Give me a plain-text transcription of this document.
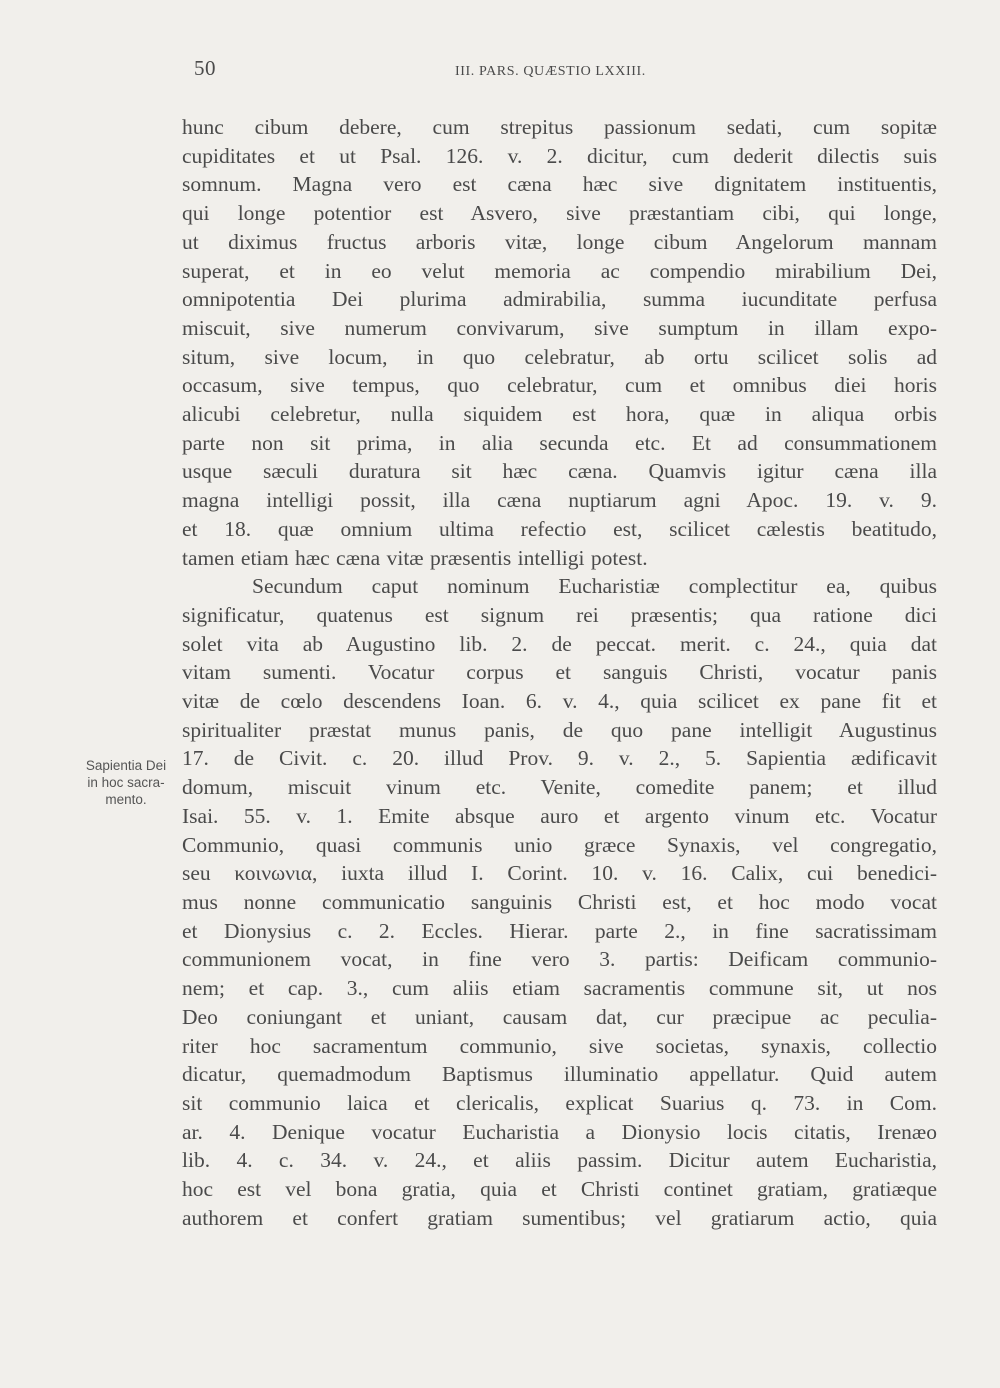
50	III. PARS. QUÆSTIO LXXIII.
Sapientia Dei
in hoc sacra-
mento.
hunc cibum debere, cum strepitus passionum sedati, cum sopitæ
cupiditates et ut Psal. 126. v. 2. dicitur, cum dederit dilectis suis
somnum. Magna vero est cæna hæc sive dignitatem instituentis,
qui longe potentior est Asvero, sive præstantiam cibi, qui longe,
ut diximus fructus arboris vitæ, longe cibum Angelorum mannam
superat, et in eo velut memoria ac compendio mirabilium Dei,
omnipotentia Dei plurima admirabilia, summa iucunditate perfusa
miscuit, sive numerum convivarum, sive sumptum in illam expo-
situm, sive locum, in quo celebratur, ab ortu scilicet solis ad
occasum, sive tempus, quo celebratur, cum et omnibus diei horis
alicubi celebretur, nulla siquidem est hora, quæ in aliqua orbis
parte non sit prima, in alia secunda etc. Et ad consummationem
usque sæculi duratura sit hæc cæna. Quamvis igitur cæna illa
magna intelligi possit, illa cæna nuptiarum agni Apoc. 19. v. 9.
et 18. quæ omnium ultima refectio est, scilicet cælestis beatitudo,
tamen etiam hæc cæna vitæ præsentis intelligi potest.
Secundum caput nominum Eucharistiæ complectitur ea, quibus
significatur, quatenus est signum rei præsentis; qua ratione dici
solet vita ab Augustino lib. 2. de peccat. merit. c. 24., quia dat
vitam sumenti. Vocatur corpus et sanguis Christi, vocatur panis
vitæ de cœlo descendens Ioan. 6. v. 4., quia scilicet ex pane fit et
spiritualiter præstat munus panis, de quo pane intelligit Augustinus
17. de Civit. c. 20. illud Prov. 9. v. 2., 5. Sapientia ædificavit
domum, miscuit vinum etc. Venite, comedite panem; et illud
Isai. 55. v. 1. Emite absque auro et argento vinum etc. Vocatur
Communio, quasi communis unio græce Synaxis, vel congregatio,
seu κοινωνια, iuxta illud I. Corint. 10. v. 16. Calix, cui benedici-
mus nonne communicatio sanguinis Christi est, et hoc modo vocat
et Dionysius c. 2. Eccles. Hierar. parte 2., in fine sacratissimam
communionem vocat, in fine vero 3. partis: Deificam communio-
nem; et cap. 3., cum aliis etiam sacramentis commune sit, ut nos
Deo coniungant et uniant, causam dat, cur præcipue ac peculia-
riter hoc sacramentum communio, sive societas, synaxis, collectio
dicatur, quemadmodum Baptismus illuminatio appellatur. Quid autem
sit communio laica et clericalis, explicat Suarius q. 73. in Com.
ar. 4. Denique vocatur Eucharistia a Dionysio locis citatis, Irenæo
lib. 4. c. 34. v. 24., et aliis passim. Dicitur autem Eucharistia,
hoc est vel bona gratia, quia et Christi continet gratiam, gratiæque
authorem et confert gratiam sumentibus; vel gratiarum actio, quia
